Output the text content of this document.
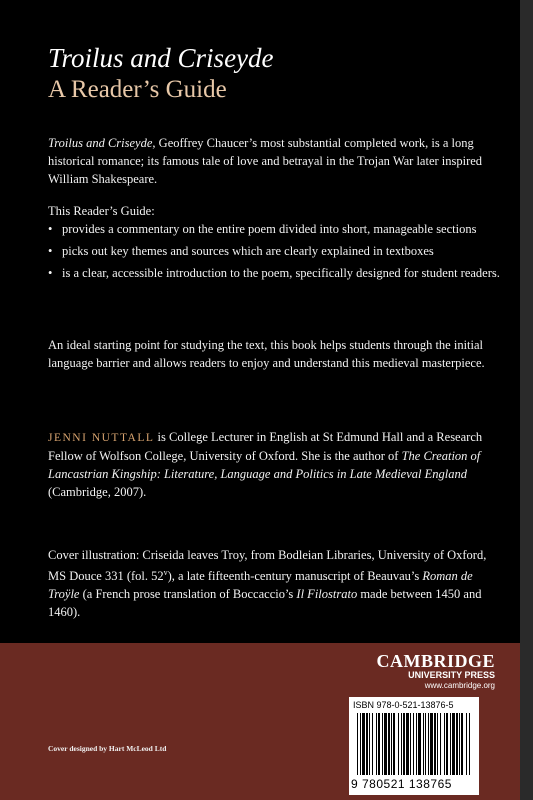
Troilus and Criseyde
A Reader’s Guide
Troilus and Criseyde, Geoffrey Chaucer’s most substantial completed work, is a long historical romance; its famous tale of love and betrayal in the Trojan War later inspired William Shakespeare.
This Reader’s Guide:
• provides a commentary on the entire poem divided into short, manageable sections
• picks out key themes and sources which are clearly explained in textboxes
• is a clear, accessible introduction to the poem, specifically designed for student readers.
An ideal starting point for studying the text, this book helps students through the initial language barrier and allows readers to enjoy and understand this medieval masterpiece.
JENNI NUTTALL is College Lecturer in English at St Edmund Hall and a Research Fellow of Wolfson College, University of Oxford. She is the author of The Creation of Lancastrian Kingship: Literature, Language and Politics in Late Medieval England (Cambridge, 2007).
Cover illustration: Criseida leaves Troy, from Bodleian Libraries, University of Oxford, MS Douce 331 (fol. 52$^v$), a late fifteenth-century manuscript of Beauvau’s Roman de Troÿle (a French prose translation of Boccaccio’s Il Filostrato made between 1450 and 1460).
CAMBRIDGE
UNIVERSITY PRESS
www.cambridge.org
ISBN 978-0-521-13876-5
9 780521 138765
Cover designed by Hart McLeod Ltd
